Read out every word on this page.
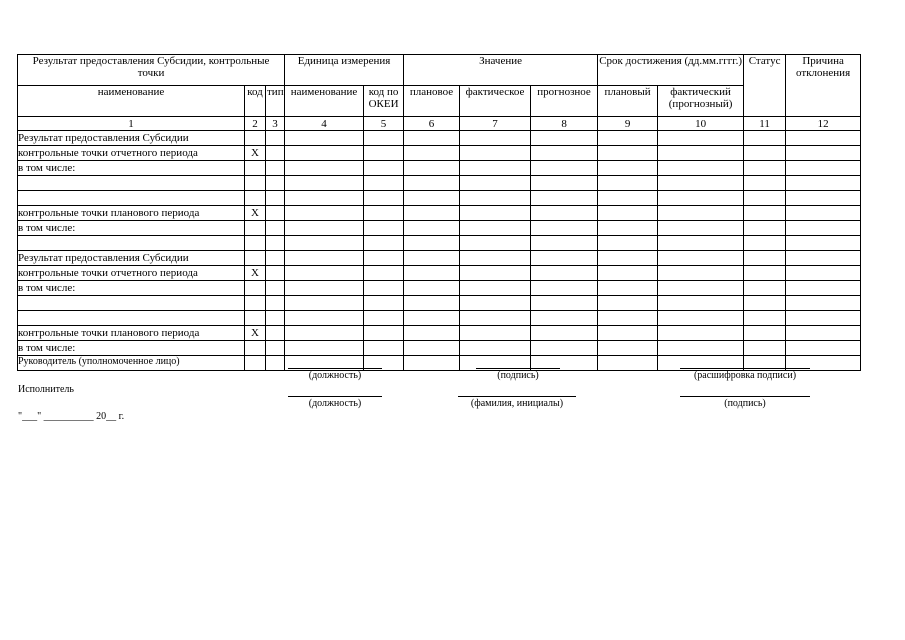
Результат предоставления Субсидии, контрольные точки			Единица измерения		Значение			Срок достижения (дд.мм.гггг.)		Статус	Причина отклонения
наименование	код	тип	наименование	код по ОКЕИ	плановое	фактическое	прогнозное	плановый	фактический (прогнозный)		
1	2	3	4	5	6	7	8	9	10	11	12
Результат предоставления Субсидии											
контрольные точки отчетного периода	X										
в том числе:											

контрольные точки планового периода	X										
в том числе:											

Результат предоставления Субсидии											
контрольные точки отчетного периода	X										
в том числе:											

контрольные точки планового периода	X										
в том числе:											

Руководитель (уполномоченное лицо)
(должность)	(подпись)	(расшифровка подписи)
Исполнитель
(должность)	(фамилия, инициалы)	(подпись)
"___" __________ 20__ г.
